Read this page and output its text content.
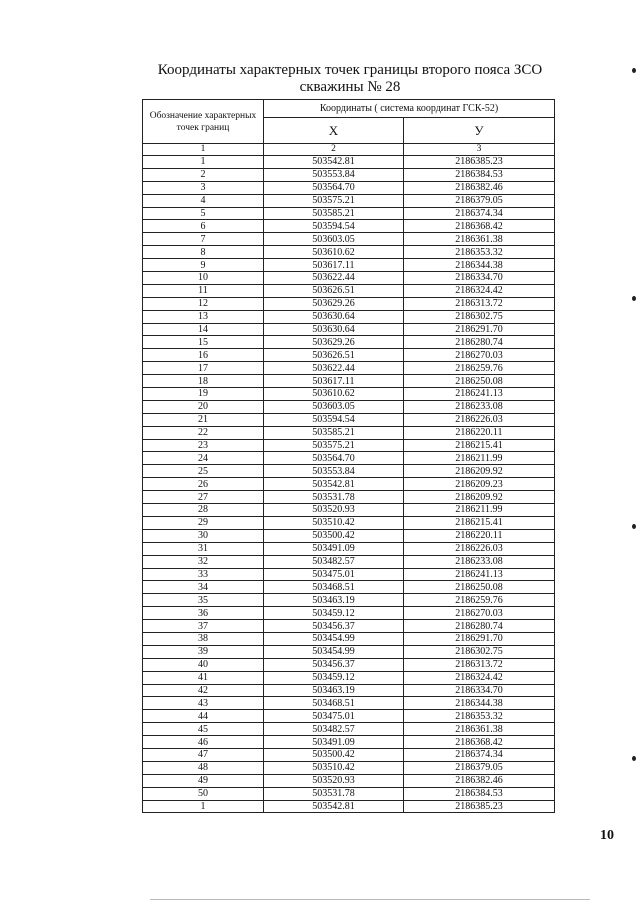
Координаты характерных точек границы второго пояса ЗСО
скважины № 28
Обозначение характерных точек границ	Координаты ( система координат ГСК-52)	
	X	У
1	2	3
1	503542.81	2186385.23
2	503553.84	2186384.53
3	503564.70	2186382.46
4	503575.21	2186379.05
5	503585.21	2186374.34
6	503594.54	2186368.42
7	503603.05	2186361.38
8	503610.62	2186353.32
9	503617.11	2186344.38
10	503622.44	2186334.70
11	503626.51	2186324.42
12	503629.26	2186313.72
13	503630.64	2186302.75
14	503630.64	2186291.70
15	503629.26	2186280.74
16	503626.51	2186270.03
17	503622.44	2186259.76
18	503617.11	2186250.08
19	503610.62	2186241.13
20	503603.05	2186233.08
21	503594.54	2186226.03
22	503585.21	2186220.11
23	503575.21	2186215.41
24	503564.70	2186211.99
25	503553.84	2186209.92
26	503542.81	2186209.23
27	503531.78	2186209.92
28	503520.93	2186211.99
29	503510.42	2186215.41
30	503500.42	2186220.11
31	503491.09	2186226.03
32	503482.57	2186233.08
33	503475.01	2186241.13
34	503468.51	2186250.08
35	503463.19	2186259.76
36	503459.12	2186270.03
37	503456.37	2186280.74
38	503454.99	2186291.70
39	503454.99	2186302.75
40	503456.37	2186313.72
41	503459.12	2186324.42
42	503463.19	2186334.70
43	503468.51	2186344.38
44	503475.01	2186353.32
45	503482.57	2186361.38
46	503491.09	2186368.42
47	503500.42	2186374.34
48	503510.42	2186379.05
49	503520.93	2186382.46
50	503531.78	2186384.53
1	503542.81	2186385.23
10
